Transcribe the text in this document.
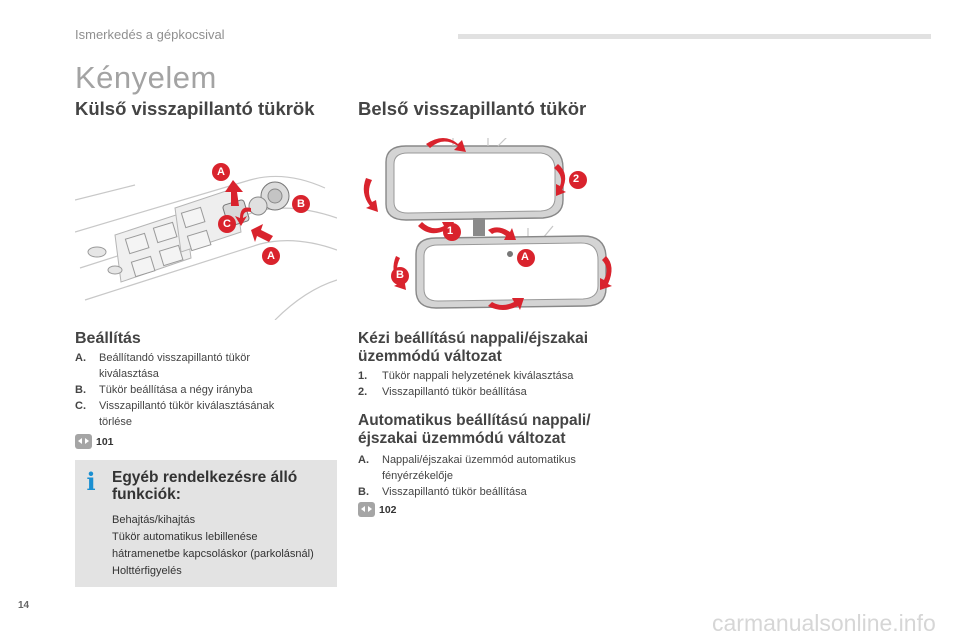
Ismerkedés a gépkocsival
Kényelem
Külső visszapillantó tükrök
A
B
C
A
Beállítás
A.	Beállítandó visszapillantó tükör
kiválasztása
B.	Tükör beállítása a négy irányba
C.	Visszapillantó tükör kiválasztásának
törlése
101
i	Egyéb rendelkezésre álló
funkciók:
Behajtás/kihajtás
Tükör automatikus lebillenése
hátramenetbe kapcsoláskor (parkolásnál)
Holttérfigyelés
Belső visszapillantó tükör
1
2
A
B
Kézi beállítású nappali/éjszakai
üzemmódú változat
1.	Tükör nappali helyzetének kiválasztása
2.	Visszapillantó tükör beállítása
Automatikus beállítású nappali/
éjszakai üzemmódú változat
A.	Nappali/éjszakai üzemmód automatikus
fényérzékelője
B.	Visszapillantó tükör beállítása
102
14
carmanualsonline.info
